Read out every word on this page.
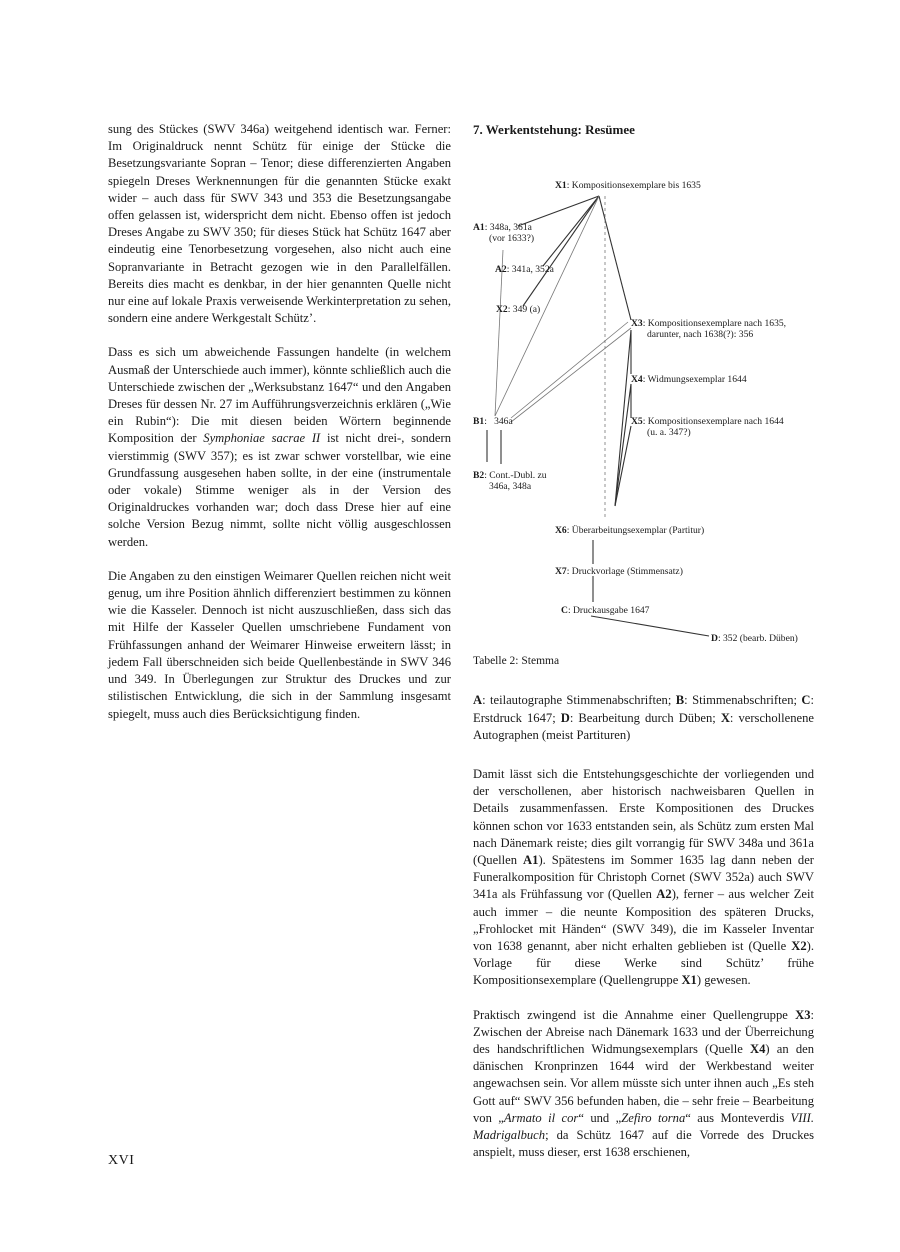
sung des Stückes (SWV 346a) weitgehend identisch war. Ferner: Im Originaldruck nennt Schütz für einige der Stücke die Besetzungsvariante Sopran – Tenor; diese differenzierten Angaben spiegeln Dreses Werknennungen für die genannten Stücke exakt wider – auch dass für SWV 343 und 353 die Besetzungsangabe offen gelassen ist, widerspricht dem nicht. Ebenso offen ist jedoch Dreses Angabe zu SWV 350; für dieses Stück hat Schütz 1647 aber eindeutig eine Tenorbesetzung vorgesehen, also nicht auch eine Sopranvariante in Betracht gezogen wie in den Parallelfällen. Bereits dies macht es denkbar, in der hier genannten Quelle nicht nur eine auf lokale Praxis verweisende Werkinterpretation zu sehen, sondern eine andere Werkgestalt Schütz’.

Dass es sich um abweichende Fassungen handelte (in welchem Ausmaß der Unterschiede auch immer), könnte schließlich auch die Unterschiede zwischen der „Werksubstanz 1647“ und den Angaben Dreses für dessen Nr. 27 im Aufführungsverzeichnis erklären („Wie ein Rubin“): Die mit diesen beiden Wörtern beginnende Komposition der Symphoniae sacrae II ist nicht drei-, sondern vierstimmig (SWV 357); es ist zwar schwer vorstellbar, wie eine Grundfassung ausgesehen haben sollte, in der eine (instrumentale oder vokale) Stimme weniger als in der Version des Originaldruckes vorhanden war; doch dass Drese hier auf eine solche Version Bezug nimmt, sollte nicht völlig ausgeschlossen werden.

Die Angaben zu den einstigen Weimarer Quellen reichen nicht weit genug, um ihre Position ähnlich differenziert bestimmen zu können wie die Kasseler. Dennoch ist nicht auszuschließen, dass sich das mit Hilfe der Kasseler Quellen umschriebene Fundament von Frühfassungen anhand der Weimarer Hinweise erweitern lässt; in jedem Fall überschneiden sich beide Quellenbestände in SWV 346 und 349. In Überlegungen zur Struktur des Druckes und zur stilistischen Entwicklung, die sich in der Sammlung insgesamt spiegelt, muss auch dies Berücksichtigung finden.

7. Werkentstehung: Resümee
X1: Kompositionsexemplare bis 1635
A1: 348a, 361a
(vor 1633?)
A2: 341a, 352a
X2: 349 (a)
X3: Kompositionsexemplare nach 1635,
darunter, nach 1638(?): 356
X4: Widmungsexemplar 1644
X5: Kompositionsexemplare nach 1644
(u. a. 347?)
B1: 346a
B2: Cont.-Dubl. zu
346a, 348a
X6: Überarbeitungsexemplar (Partitur)
X7: Druckvorlage (Stimmensatz)
C: Druckausgabe 1647
D: 352 (bearb. Düben)
Tabelle 2: Stemma

A: teilautographe Stimmenabschriften; B: Stimmenabschriften; C: Erstdruck 1647; D: Bearbeitung durch Düben; X: verschollenene Autographen (meist Partituren)

Damit lässt sich die Entstehungsgeschichte der vorliegenden und der verschollenen, aber historisch nachweisbaren Quellen in Details zusammenfassen. Erste Kompositionen des Druckes können schon vor 1633 entstanden sein, als Schütz zum ersten Mal nach Dänemark reiste; dies gilt vorrangig für SWV 348a und 361a (Quellen A1). Spätestens im Sommer 1635 lag dann neben der Funeralkomposition für Christoph Cornet (SWV 352a) auch SWV 341a als Frühfassung vor (Quellen A2), ferner – aus welcher Zeit auch immer – die neunte Komposition des späteren Drucks, „Frohlocket mit Händen“ (SWV 349), die im Kasseler Inventar von 1638 genannt, aber nicht erhalten geblieben ist (Quelle X2). Vorlage für diese Werke sind Schütz’ frühe Kompositionsexemplare (Quellengruppe X1) gewesen.

Praktisch zwingend ist die Annahme einer Quellengruppe X3: Zwischen der Abreise nach Dänemark 1633 und der Überreichung des handschriftlichen Widmungsexemplars (Quelle X4) an den dänischen Kronprinzen 1644 wird der Werkbestand weiter angewachsen sein. Vor allem müsste sich unter ihnen auch „Es steh Gott auf“ SWV 356 befunden haben, die – sehr freie – Bearbeitung von „Armato il cor“ und „Zefiro torna“ aus Monteverdis VIII. Madrigalbuch; da Schütz 1647 auf die Vorrede des Druckes anspielt, muss dieser, erst 1638 erschienen,

XVI
